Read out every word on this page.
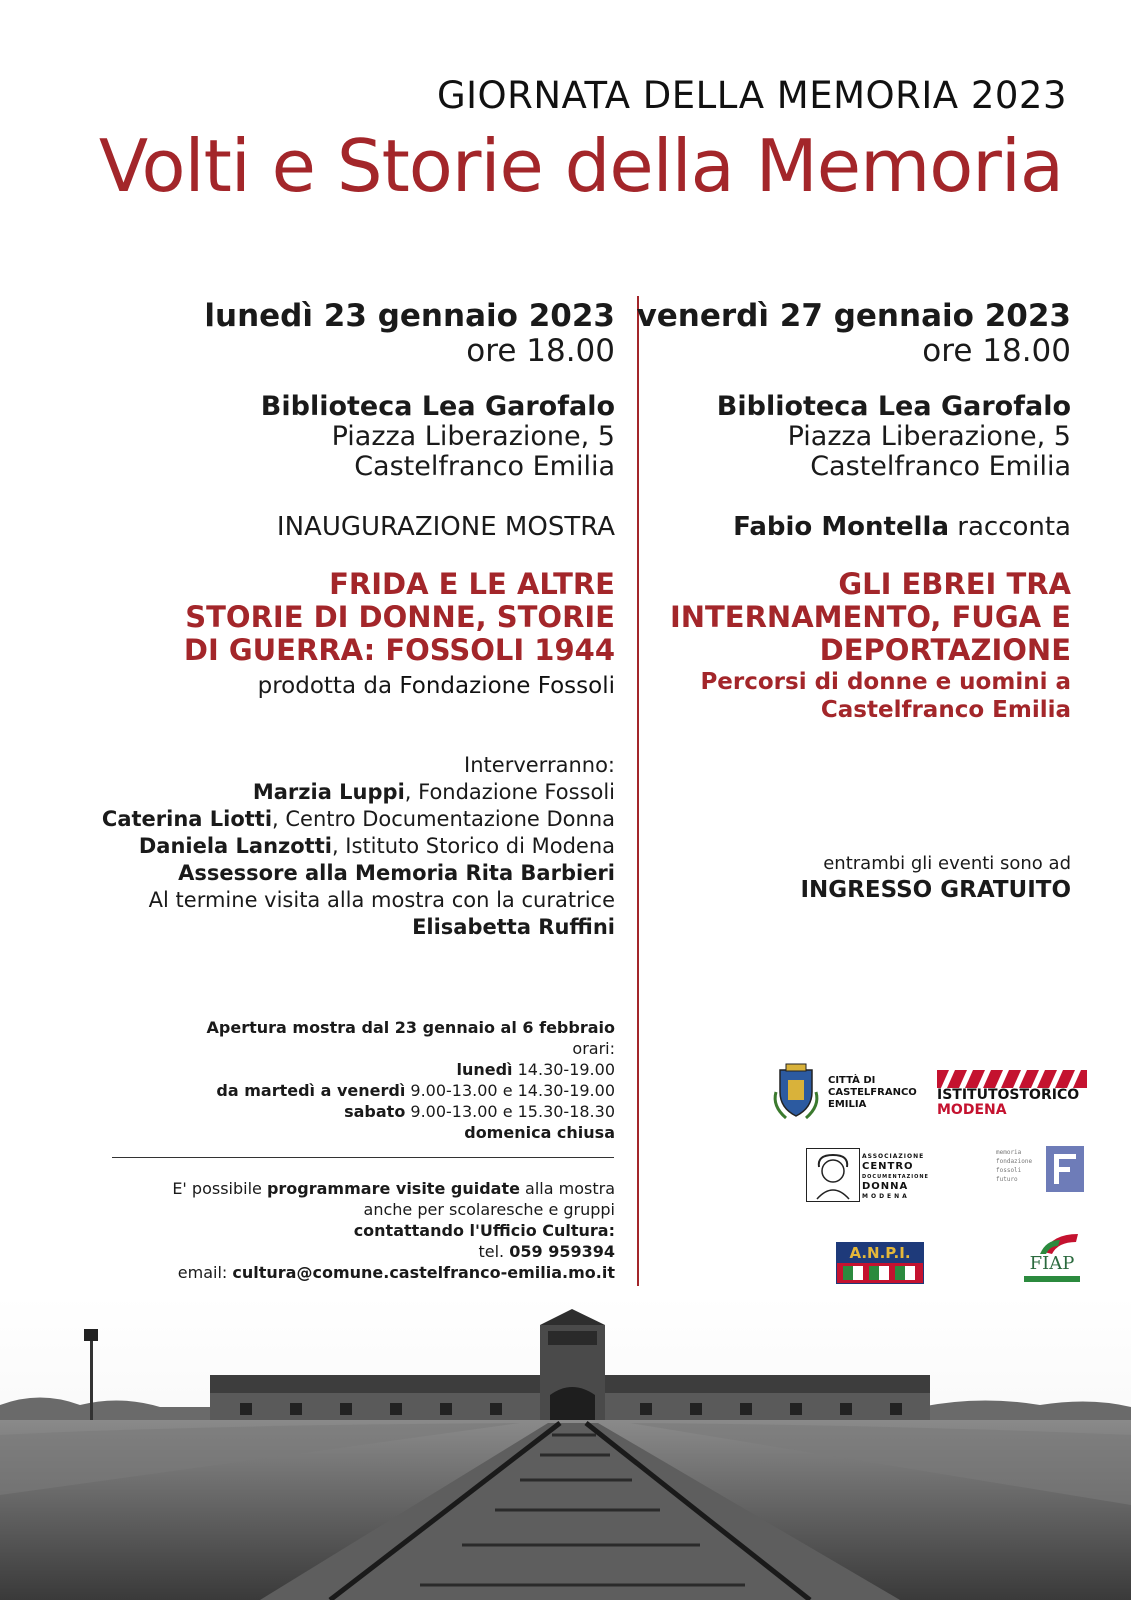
GIORNATA DELLA MEMORIA 2023
Volti e Storie della Memoria
lunedì 23 gennaio 2023
ore 18.00
Biblioteca Lea Garofalo
Piazza Liberazione, 5
Castelfranco Emilia
INAUGURAZIONE MOSTRA
FRIDA E LE ALTRE
STORIE DI DONNE, STORIE
DI GUERRA: FOSSOLI 1944
prodotta da Fondazione Fossoli
Interverranno:
Marzia Luppi, Fondazione Fossoli
Caterina Liotti, Centro Documentazione Donna
Daniela Lanzotti, Istituto Storico di Modena
Assessore alla Memoria Rita Barbieri
Al termine visita alla mostra con la curatrice
Elisabetta Ruffini
Apertura mostra dal 23 gennaio al 6 febbraio
orari:
lunedì 14.30-19.00
da martedì a venerdì 9.00-13.00 e 14.30-19.00
sabato 9.00-13.00 e 15.30-18.30
domenica chiusa
E' possibile programmare visite guidate alla mostra
anche per scolaresche e gruppi
contattando l'Ufficio Cultura:
tel. 059 959394
email: cultura@comune.castelfranco-emilia.mo.it
venerdì 27 gennaio 2023
ore 18.00
Biblioteca Lea Garofalo
Piazza Liberazione, 5
Castelfranco Emilia
Fabio Montella racconta
GLI EBREI TRA
INTERNAMENTO, FUGA E
DEPORTAZIONE
Percorsi di donne e uomini a
Castelfranco Emilia
entrambi gli eventi sono ad
INGRESSO GRATUITO
CITTÀ DI
CASTELFRANCO
EMILIA
ISTITUTOSTORICO
MODENA
ASSOCIAZIONE
CENTRO
DOCUMENTAZIONE
DONNA
MODENA
memoria
fondazione
fossoli
futuro
A.N.P.I.	FIAP
